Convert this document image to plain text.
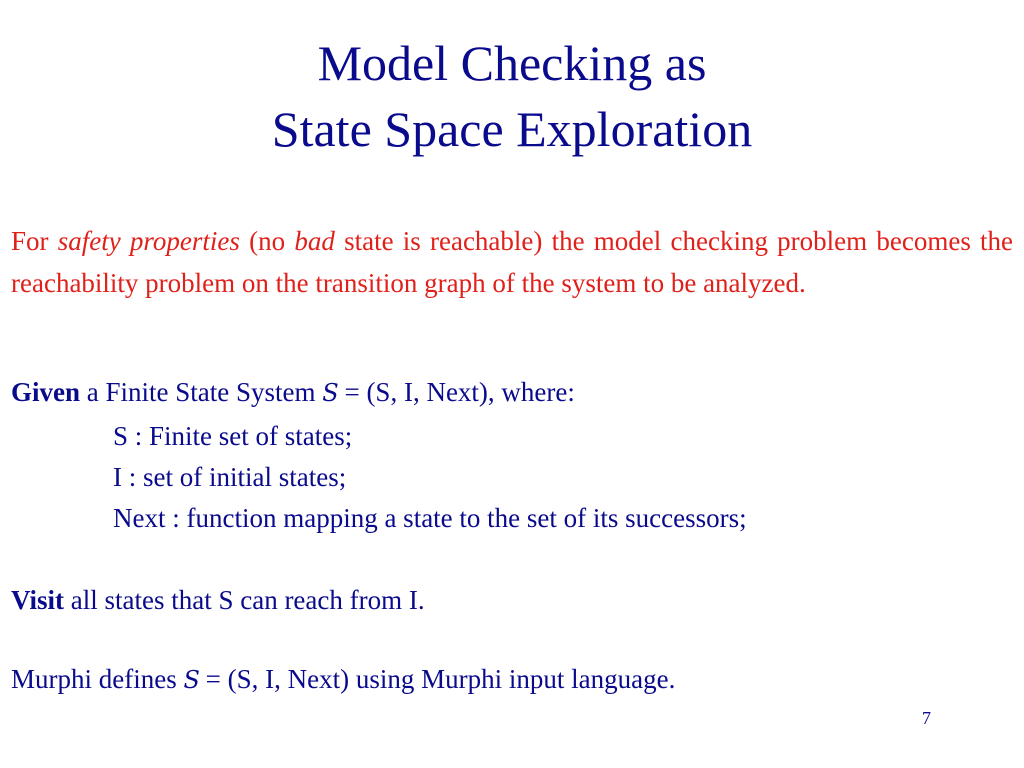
Model Checking as
State Space Exploration
For safety properties (no bad state is reachable) the model checking problem becomes the reachability problem on the transition graph of the system to be analyzed.
Given a Finite State System S = (S, I, Next), where:
S : Finite set of states;
I : set of initial states;
Next : function mapping a state to the set of its successors;
Visit all states that S can reach from I.
Murphi defines S = (S, I, Next) using Murphi input language.
7
